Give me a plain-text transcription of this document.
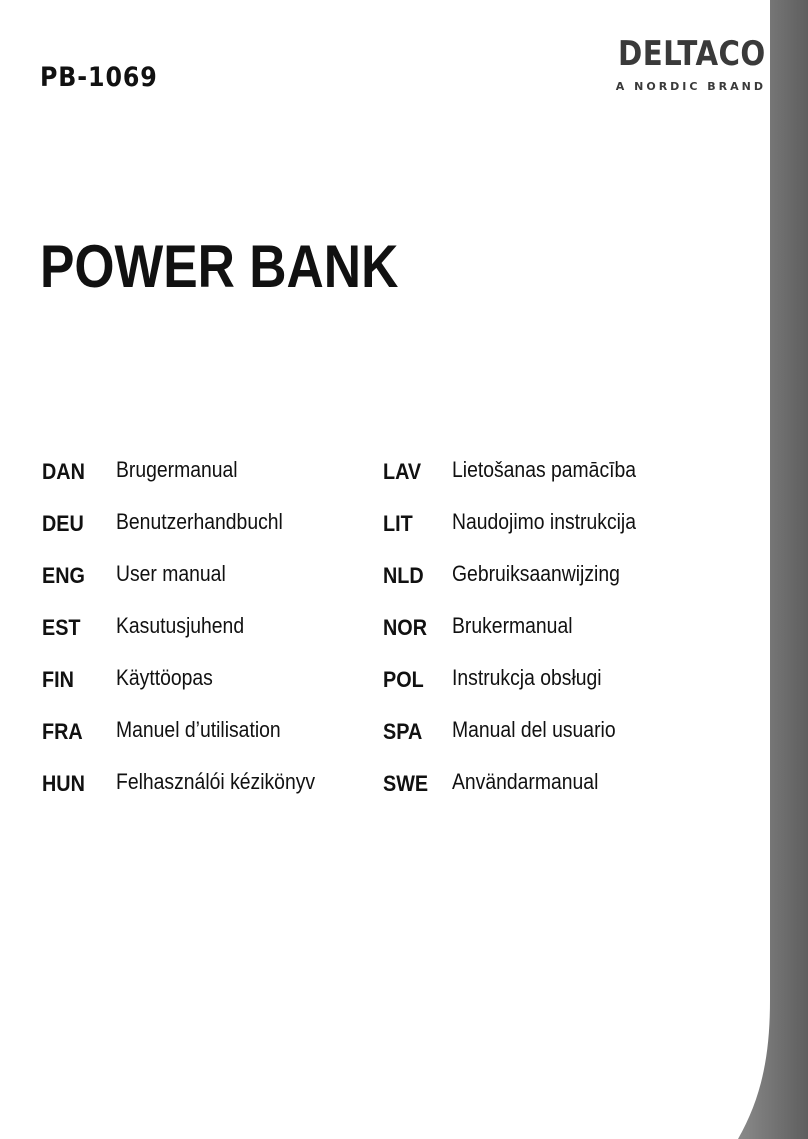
PB-1069
DELTACO
A NORDIC BRAND
POWER BANK
DAN	Brugermanual
DEU	Benutzerhandbuchl
ENG	User manual
EST	Kasutusjuhend
FIN	Käyttöopas
FRA	Manuel d’utilisation
HUN	Felhasználói kézikönyv
LAV	Lietošanas pamācība
LIT	Naudojimo instrukcija
NLD	Gebruiksaanwijzing
NOR	Brukermanual
POL	Instrukcja obsługi
SPA	Manual del usuario
SWE	Användarmanual
